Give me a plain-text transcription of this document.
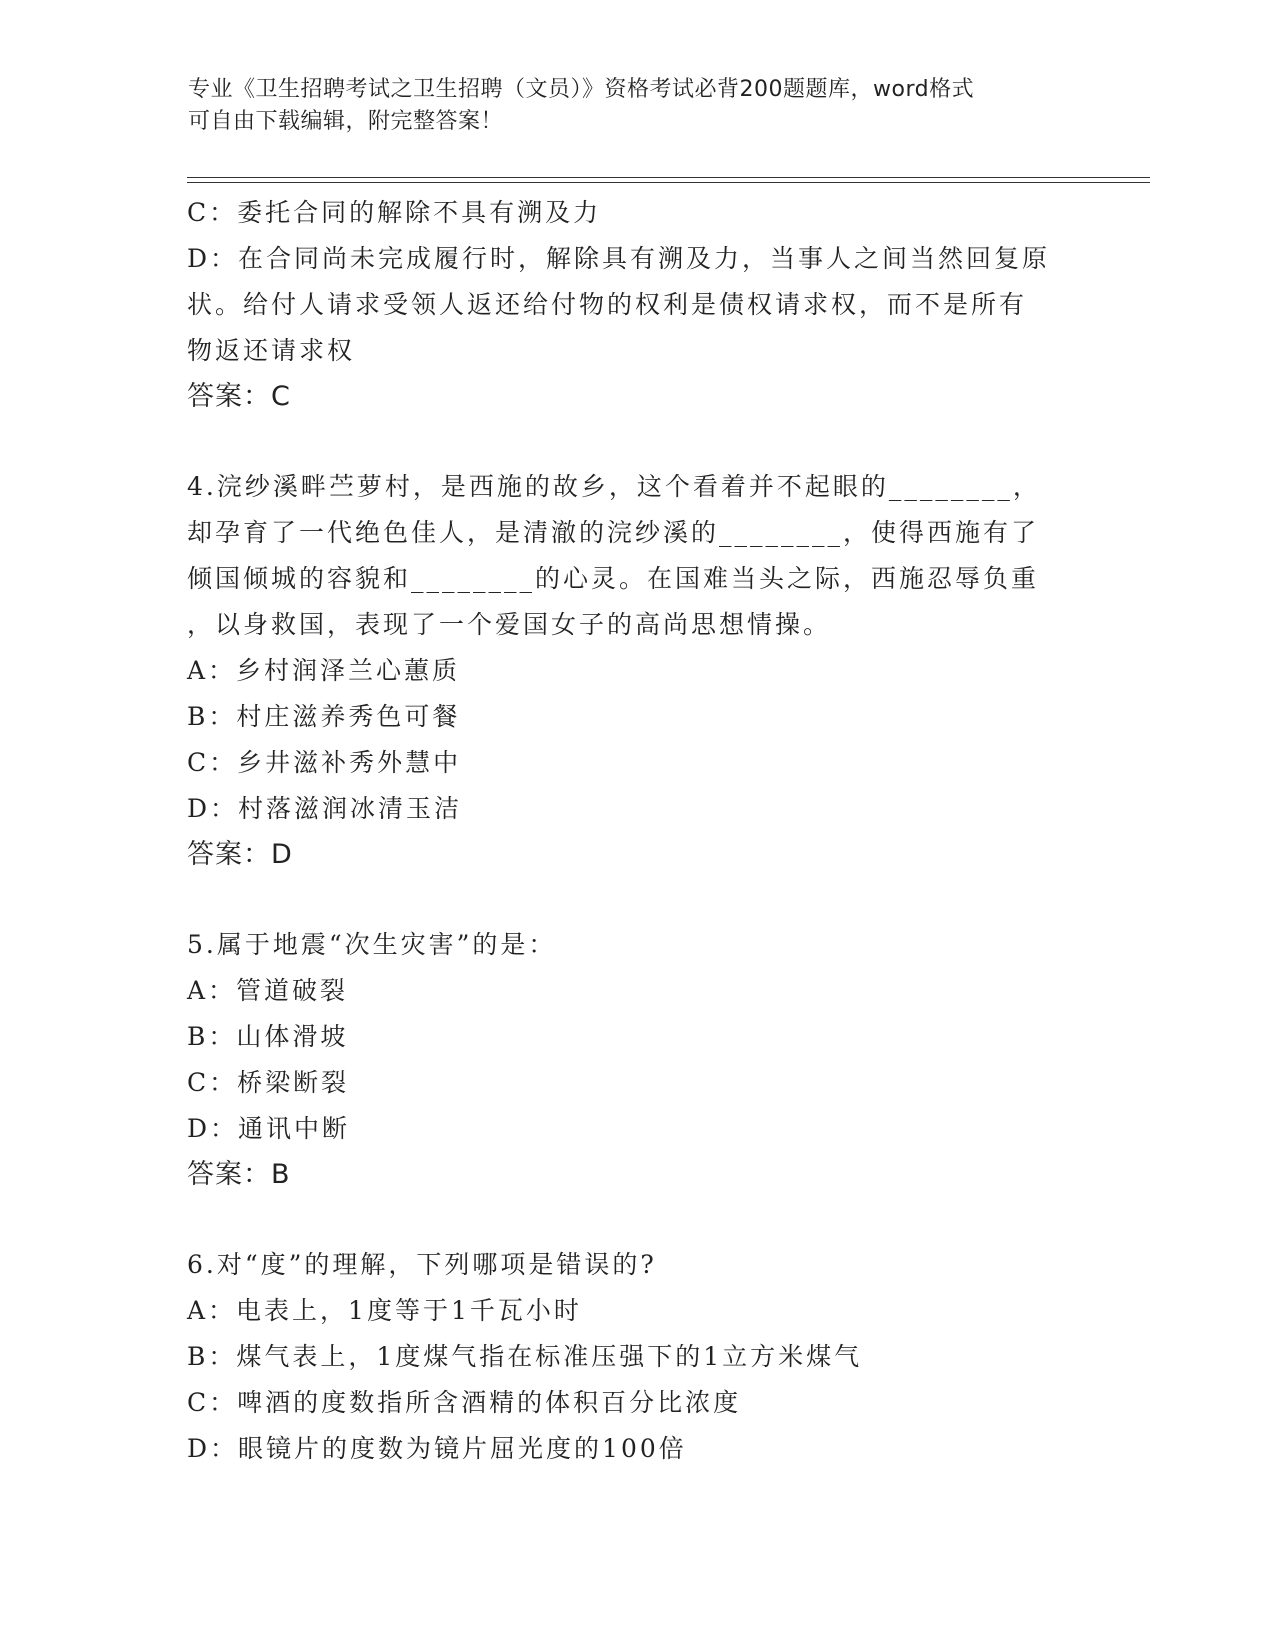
专业《卫生招聘考试之卫生招聘（文员）》资格考试必背200题题库，word格式
可自由下载编辑，附完整答案！
C：委托合同的解除不具有溯及力
D：在合同尚未完成履行时，解除具有溯及力，当事人之间当然回复原
状。给付人请求受领人返还给付物的权利是债权请求权，而不是所有
物返还请求权
答案：C
4.浣纱溪畔苎萝村，是西施的故乡，这个看着并不起眼的________，
却孕育了一代绝色佳人，是清澈的浣纱溪的________，使得西施有了
倾国倾城的容貌和________的心灵。在国难当头之际，西施忍辱负重
，以身救国，表现了一个爱国女子的高尚思想情操。
A：乡村润泽兰心蕙质
B：村庄滋养秀色可餐
C：乡井滋补秀外慧中
D：村落滋润冰清玉洁
答案：D
5.属于地震“次生灾害”的是：
A：管道破裂
B：山体滑坡
C：桥梁断裂
D：通讯中断
答案：B
6.对“度”的理解，下列哪项是错误的?
A：电表上，1度等于1千瓦小时
B：煤气表上，1度煤气指在标准压强下的1立方米煤气
C：啤酒的度数指所含酒精的体积百分比浓度
D：眼镜片的度数为镜片屈光度的100倍
